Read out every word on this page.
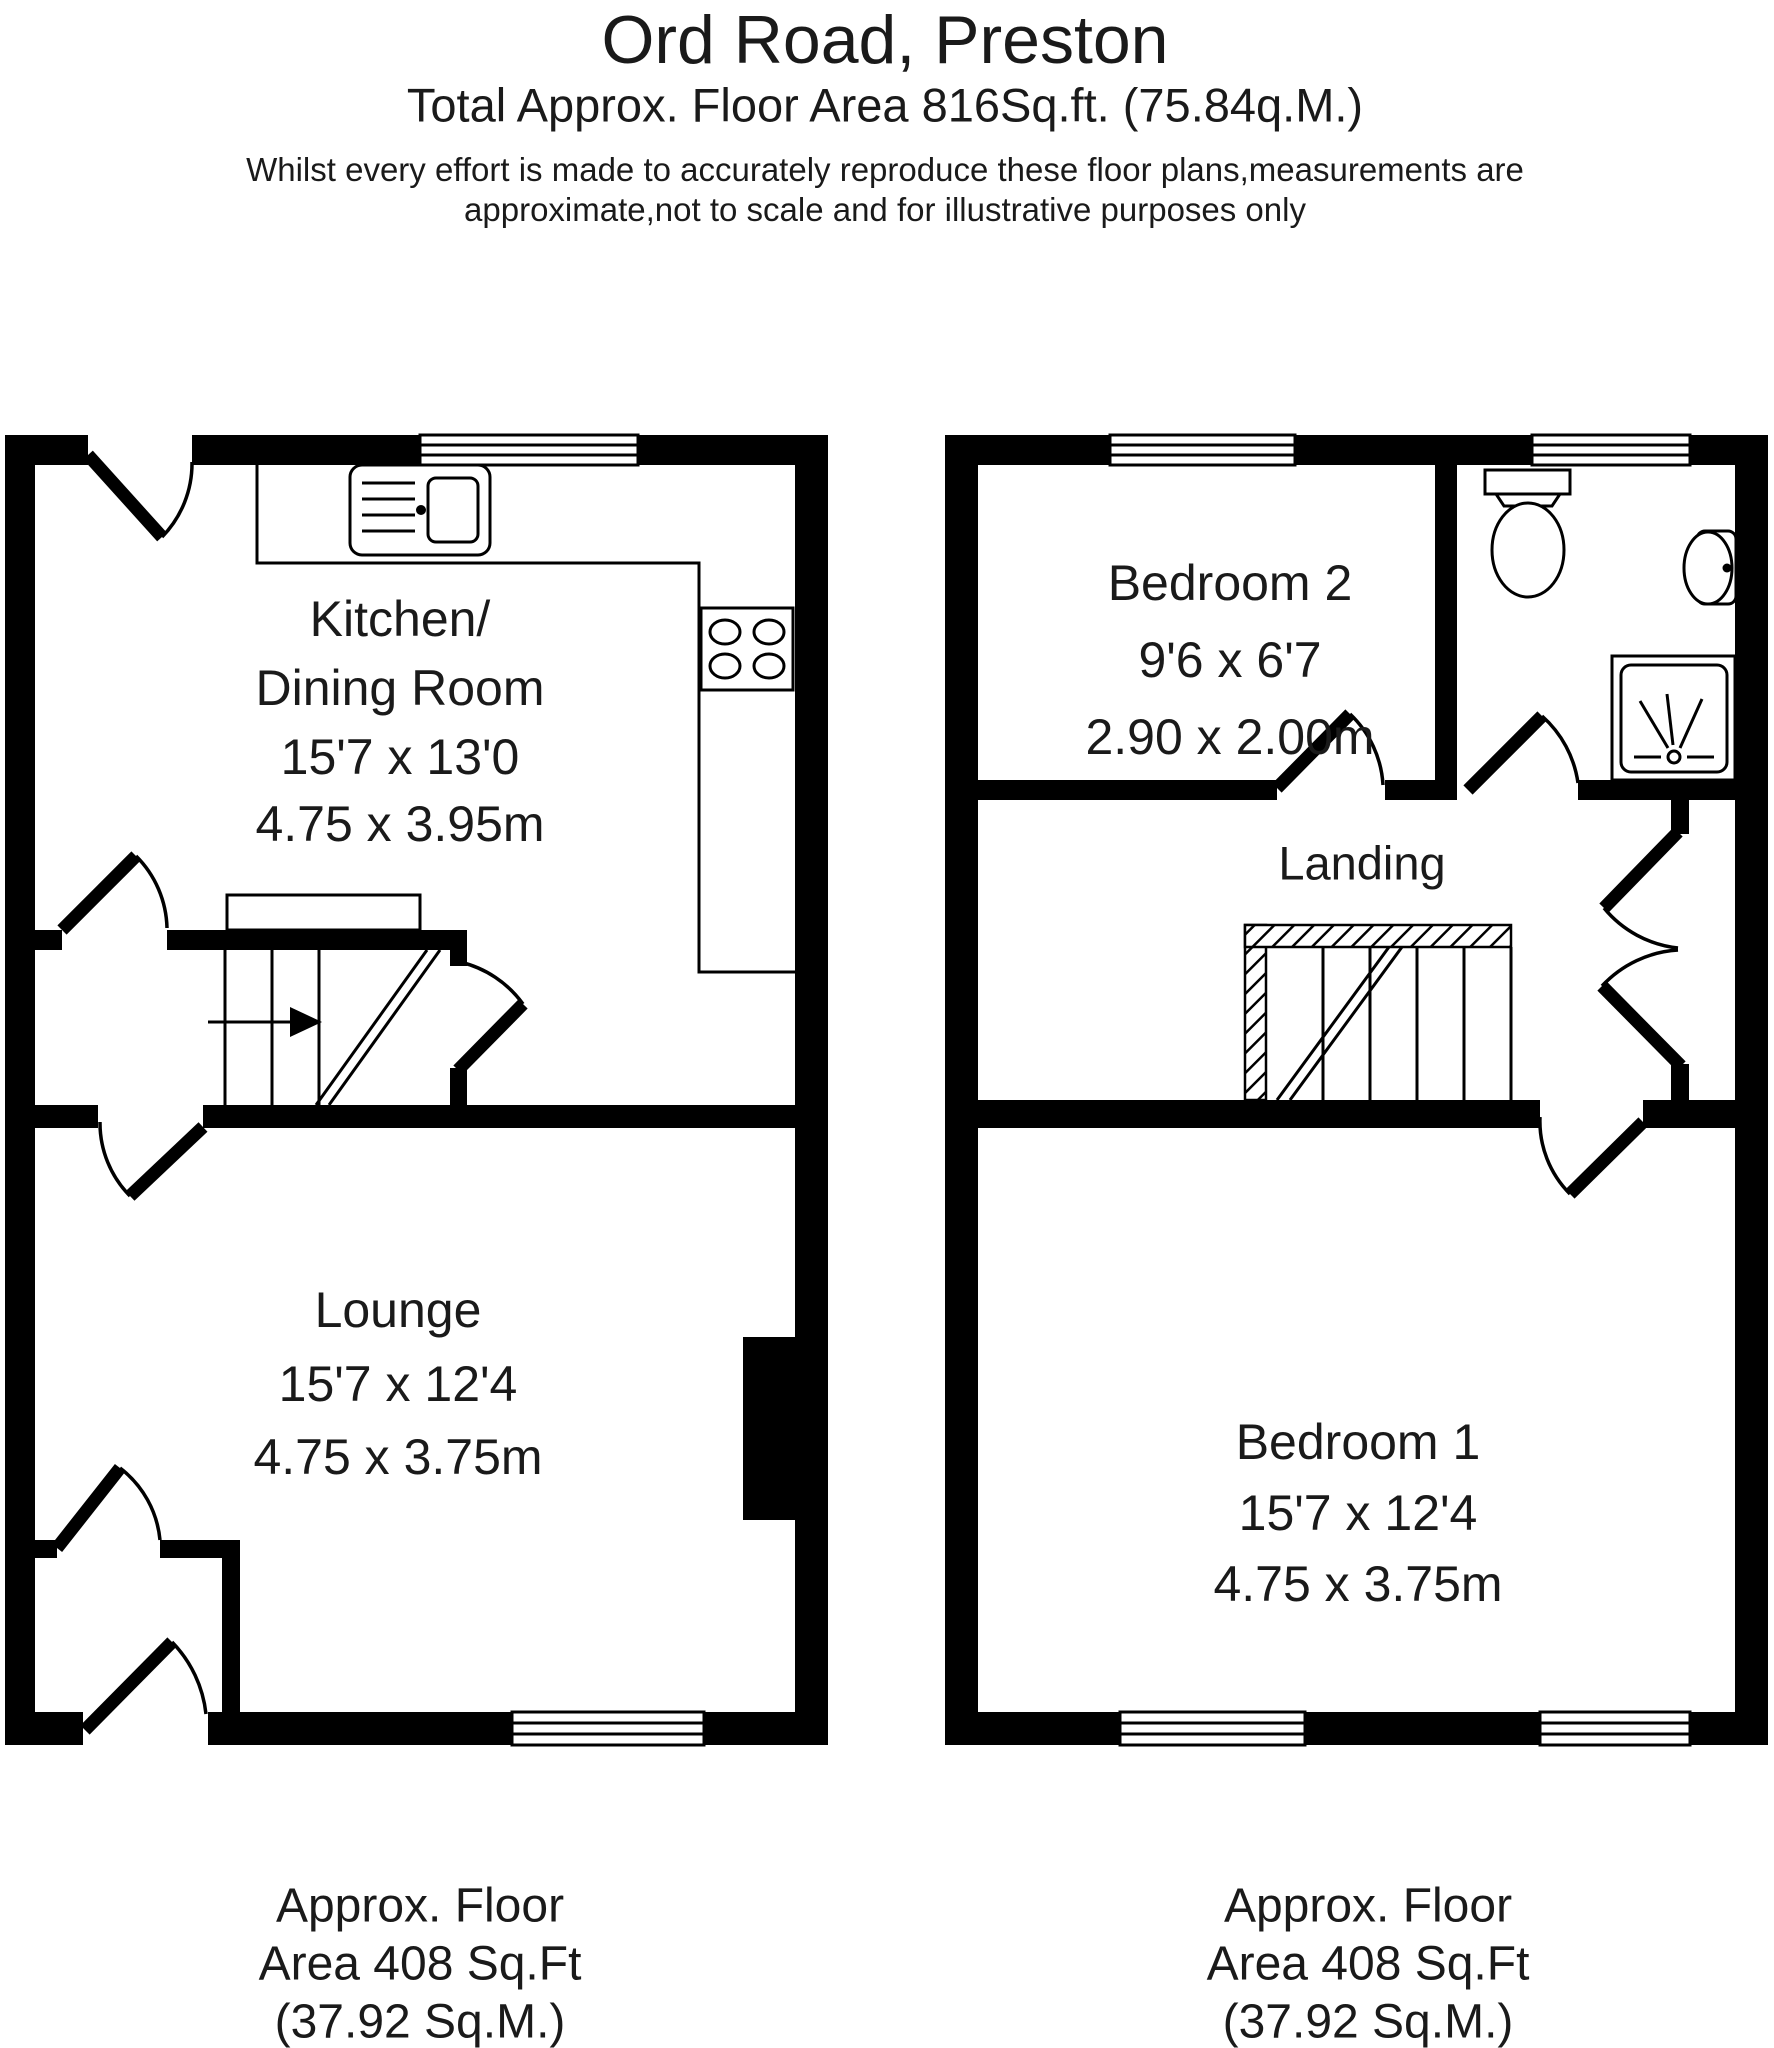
Ord Road, Preston
Total Approx. Floor Area 816Sq.ft. (75.84q.M.)
Whilst every effort is made to accurately reproduce these floor plans,measurements are
approximate,not to scale and for illustrative purposes only
Kitchen/
Dining Room
15'7 x 13'0
4.75 x 3.95m
Lounge
15'7 x 12'4
4.75 x 3.75m
Approx. Floor
Area 408 Sq.Ft
(37.92 Sq.M.)
Bedroom 2
9'6 x 6'7
2.90 x 2.00m
Landing
Bedroom 1
15'7 x 12'4
4.75 x 3.75m
Approx. Floor
Area 408 Sq.Ft
(37.92 Sq.M.)
